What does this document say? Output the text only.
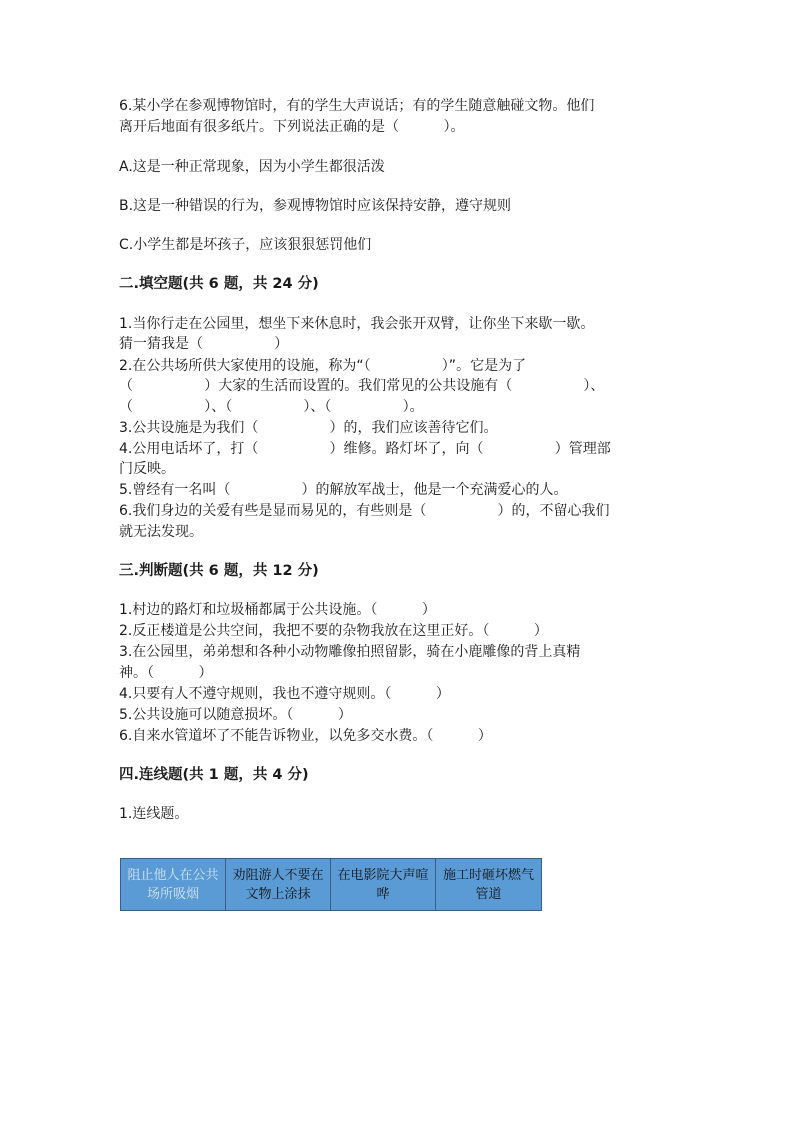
6.某小学在参观博物馆时，有的学生大声说话；有的学生随意触碰文物。他们
离开后地面有很多纸片。下列说法正确的是（          ）。
A.这是一种正常现象，因为小学生都很活泼
B.这是一种错误的行为，参观博物馆时应该保持安静，遵守规则
C.小学生都是坏孩子，应该狠狠惩罚他们
二.填空题(共 6 题，共 24 分)
1.当你行走在公园里，想坐下来休息时，我会张开双臂，让你坐下来歇一歇。
猜一猜我是（                ）
2.在公共场所供大家使用的设施，称为“（                ）”。它是为了
（                ）大家的生活而设置的。我们常见的公共设施有（                ）、
（                ）、（                ）、（                ）。
3.公共设施是为我们（                ）的，我们应该善待它们。
4.公用电话坏了，打（                ）维修。路灯坏了，向（                ）管理部
门反映。
5.曾经有一名叫（                ）的解放军战士，他是一个充满爱心的人。
6.我们身边的关爱有些是显而易见的，有些则是（                ）的，不留心我们
就无法发现。
三.判断题(共 6 题，共 12 分)
1.村边的路灯和垃圾桶都属于公共设施。（          ）
2.反正楼道是公共空间，我把不要的杂物我放在这里正好。（          ）
3.在公园里，弟弟想和各种小动物雕像拍照留影，骑在小鹿雕像的背上真精
神。（          ）
4.只要有人不遵守规则，我也不遵守规则。（          ）
5.公共设施可以随意损坏。（          ）
6.自来水管道坏了不能告诉物业，以免多交水费。（          ）
四.连线题(共 1 题，共 4 分)
1.连线题。
阻止他人在公共场所吸烟
劝阻游人不要在文物上涂抹
在电影院大声喧哗
施工时砸坏燃气管道
